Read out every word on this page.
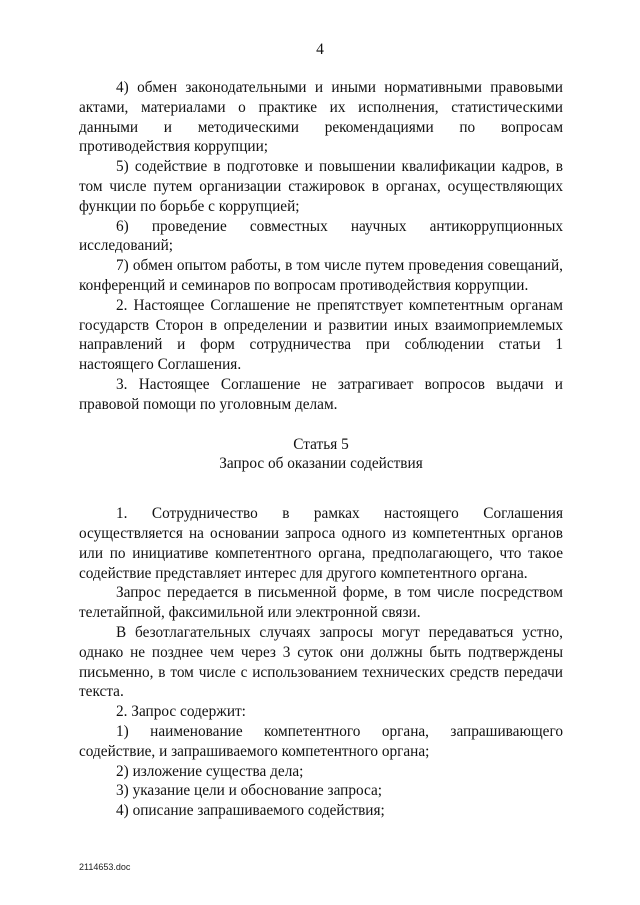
4

4) обмен законодательными и иными нормативными правовыми актами, материалами о практике их исполнения, статистическими данными и методическими рекомендациями по вопросам противодействия коррупции;

5) содействие в подготовке и повышении квалификации кадров, в том числе путем организации стажировок в органах, осуществляющих функции по борьбе с коррупцией;

6) проведение совместных научных антикоррупционных исследований;

7) обмен опытом работы, в том числе путем проведения совещаний, конференций и семинаров по вопросам противодействия коррупции.

2. Настоящее Соглашение не препятствует компетентным органам государств Сторон в определении и развитии иных взаимоприемлемых направлений и форм сотрудничества при соблюдении статьи 1 настоящего Соглашения.

3. Настоящее Соглашение не затрагивает вопросов выдачи и правовой помощи по уголовным делам.

Статья 5

Запрос об оказании содействия

1. Сотрудничество в рамках настоящего Соглашения осуществляется на основании запроса одного из компетентных органов или по инициативе компетентного органа, предполагающего, что такое содействие представляет интерес для другого компетентного органа.

Запрос передается в письменной форме, в том числе посредством телетайпной, факсимильной или электронной связи.

В безотлагательных случаях запросы могут передаваться устно, однако не позднее чем через 3 суток они должны быть подтверждены письменно, в том числе с использованием технических средств передачи текста.

2. Запрос содержит:

1) наименование компетентного органа, запрашивающего содействие, и запрашиваемого компетентного органа;

2) изложение существа дела;

3) указание цели и обоснование запроса;

4) описание запрашиваемого содействия;

2114653.doc
